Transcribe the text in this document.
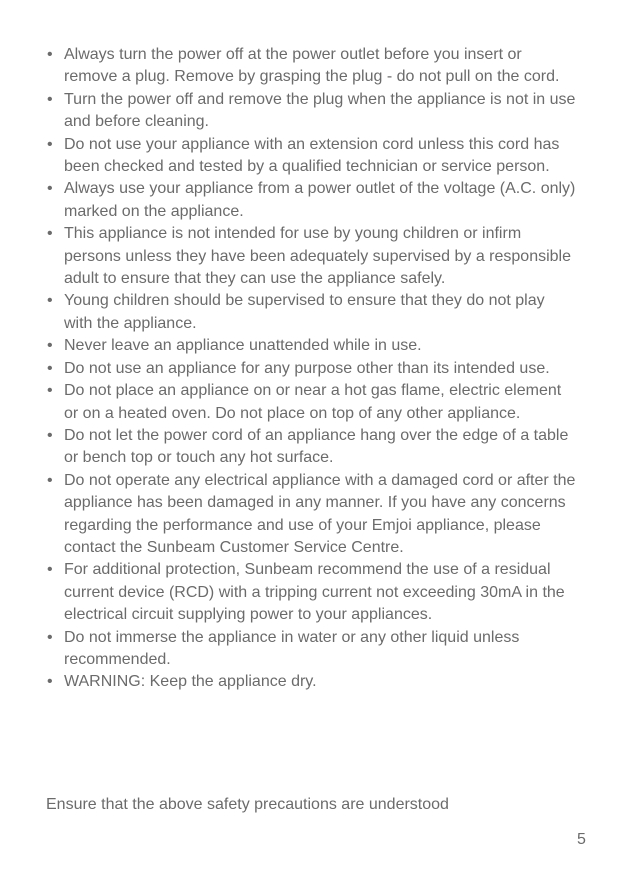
• Always turn the power off at the power outlet before you insert or remove a plug. Remove by grasping the plug - do not pull on the cord.
• Turn the power off and remove the plug when the appliance is not in use and before cleaning.
• Do not use your appliance with an extension cord unless this cord has been checked and tested by a qualified technician or service person.
• Always use your appliance from a power outlet of the voltage (A.C. only) marked on the appliance.
• This appliance is not intended for use by young children or infirm persons unless they have been adequately supervised by a responsible adult to ensure that they can use the appliance safely.
• Young children should be supervised to ensure that they do not play with the appliance.
• Never leave an appliance unattended while in use.
• Do not use an appliance for any purpose other than its intended use.
• Do not place an appliance on or near a hot gas flame, electric element or on a heated oven. Do not place on top of any other appliance.
• Do not let the power cord of an appliance hang over the edge of a table or bench top or touch any hot surface.
• Do not operate any electrical appliance with a damaged cord or after the appliance has been damaged in any manner. If you have any concerns regarding the performance and use of your Emjoi appliance, please contact the Sunbeam Customer Service Centre.
• For additional protection, Sunbeam recommend the use of a residual current device (RCD) with a tripping current not exceeding 30mA in the electrical circuit supplying power to your appliances.
• Do not immerse the appliance in water or any other liquid unless recommended.
• WARNING: Keep the appliance dry.

Ensure that the above safety precautions are understood

5
